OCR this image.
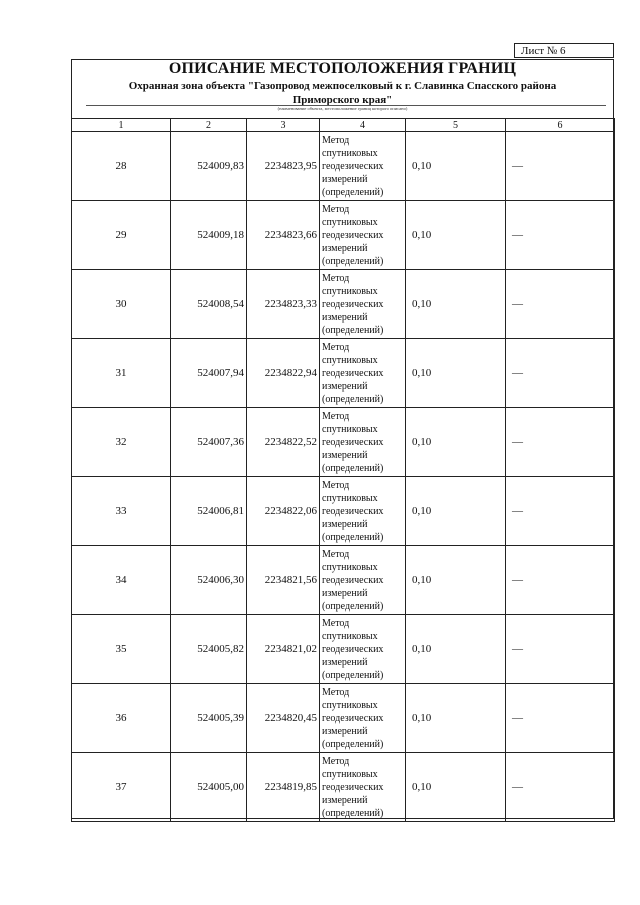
Лист № 6
ОПИСАНИЕ МЕСТОПОЛОЖЕНИЯ ГРАНИЦ
Охранная зона объекта "Газопровод межпоселковый к г. Славинка Спасского района
Приморского края"
(наименование объекта, местоположение границ которого описано)
1	2	3	4	5	6
28	524009,83	2234823,95	Метод спутниковых геодезических измерений (определений)	0,10	—
29	524009,18	2234823,66	Метод спутниковых геодезических измерений (определений)	0,10	—
30	524008,54	2234823,33	Метод спутниковых геодезических измерений (определений)	0,10	—
31	524007,94	2234822,94	Метод спутниковых геодезических измерений (определений)	0,10	—
32	524007,36	2234822,52	Метод спутниковых геодезических измерений (определений)	0,10	—
33	524006,81	2234822,06	Метод спутниковых геодезических измерений (определений)	0,10	—
34	524006,30	2234821,56	Метод спутниковых геодезических измерений (определений)	0,10	—
35	524005,82	2234821,02	Метод спутниковых геодезических измерений (определений)	0,10	—
36	524005,39	2234820,45	Метод спутниковых геодезических измерений (определений)	0,10	—
37	524005,00	2234819,85	Метод спутниковых геодезических измерений (определений)	0,10	—
